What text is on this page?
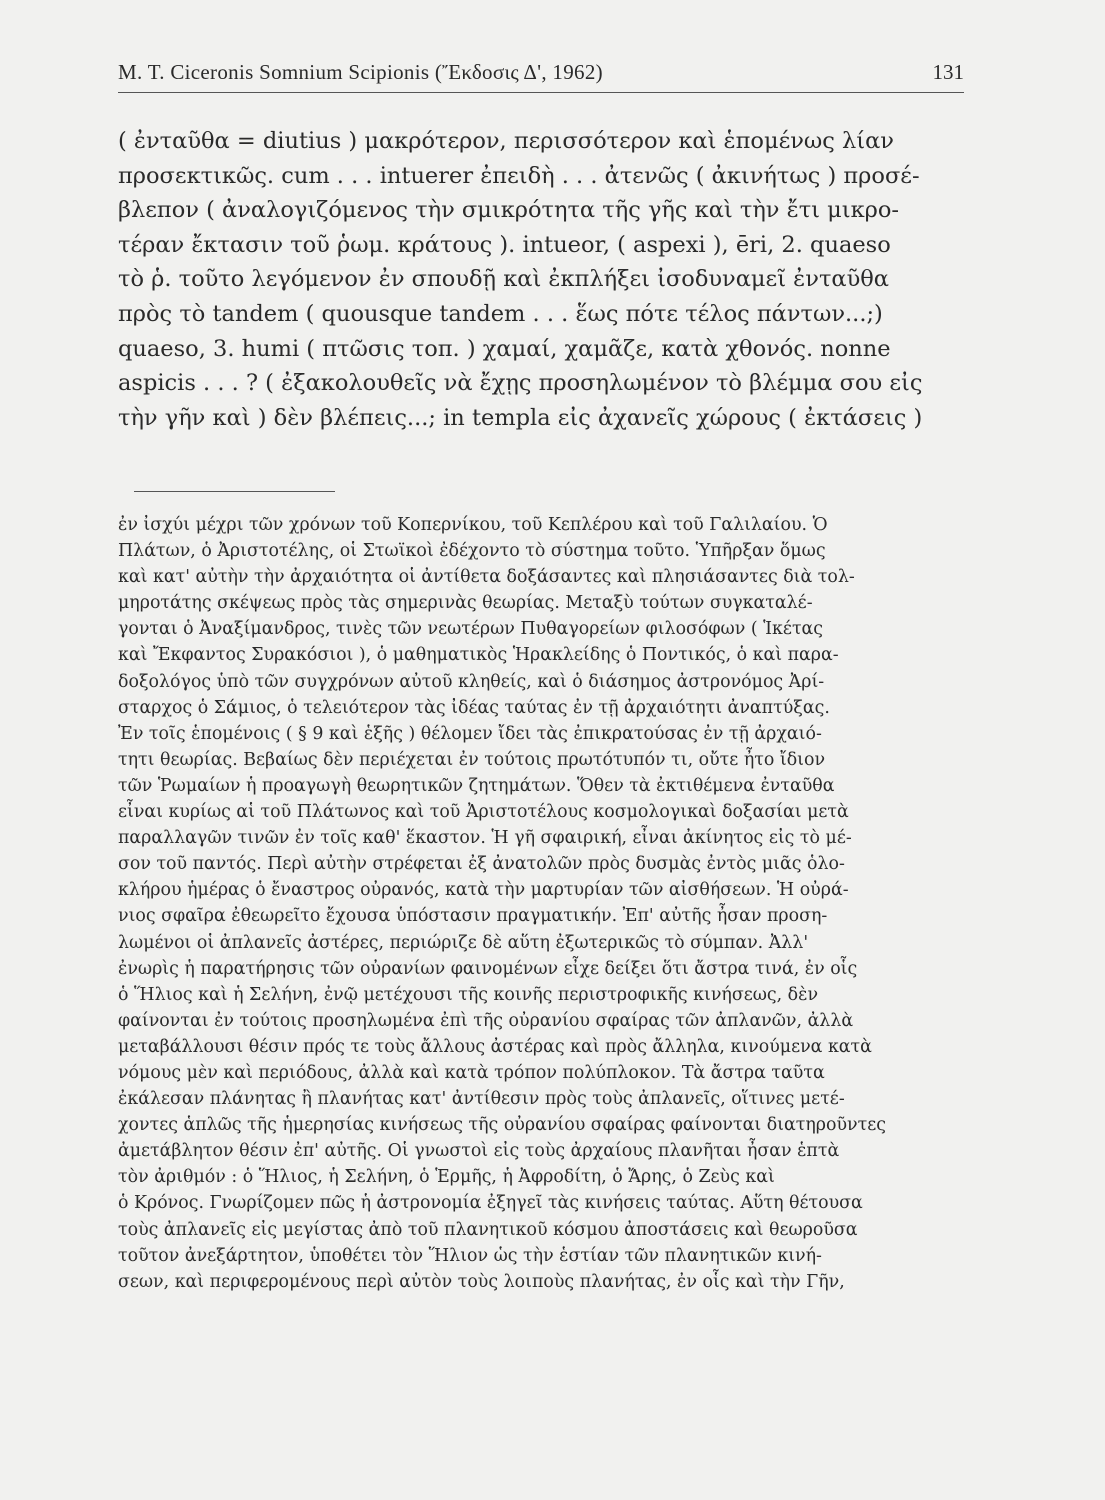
M. T. Ciceronis Somnium Scipionis (Ἔκδοσις Δ', 1962)	131
( ἐνταῦθα = diutius ) μακρότερον, περισσότερον καὶ ἑπομένως λίαν
προσεκτικῶς. cum . . . intuerer ἐπειδὴ . . . ἀτενῶς ( ἀκινήτως ) προσέ-
βλεπον ( ἀναλογιζόμενος τὴν σμικρότητα τῆς γῆς καὶ τὴν ἔτι μικρο-
τέραν ἔκτασιν τοῦ ῥωμ. κράτους ). intueor, ( aspexi ), ēri, 2. quaeso
τὸ ῥ. τοῦτο λεγόμενον ἐν σπουδῇ καὶ ἐκπλήξει ἰσοδυναμεῖ ἐνταῦθα
πρὸς τὸ tandem ( quousque tandem . . . ἕως πότε τέλος πάντων...;)
quaeso, 3. humi ( πτῶσις τοπ. ) χαμαί, χαμᾶζε, κατὰ χθονός. nonne
aspicis . . . ? ( ἐξακολουθεῖς νὰ ἔχῃς προσηλωμένον τὸ βλέμμα σου εἰς
τὴν γῆν καὶ ) δὲν βλέπεις...; in templa εἰς ἀχανεῖς χώρους ( ἐκτάσεις )
ἐν ἰσχύι μέχρι τῶν χρόνων τοῦ Κοπερνίκου, τοῦ Κεπλέρου καὶ τοῦ Γαλιλαίου. Ὁ
Πλάτων, ὁ Ἀριστοτέλης, οἱ Στωϊκοὶ ἐδέχοντο τὸ σύστημα τοῦτο. Ὑπῆρξαν ὅμως
καὶ κατ' αὐτὴν τὴν ἀρχαιότητα οἱ ἀντίθετα δοξάσαντες καὶ πλησιάσαντες διὰ τολ-
μηροτάτης σκέψεως πρὸς τὰς σημερινὰς θεωρίας. Μεταξὺ τούτων συγκαταλέ-
γονται ὁ Ἀναξίμανδρος, τινὲς τῶν νεωτέρων Πυθαγορείων φιλοσόφων ( Ἱκέτας
καὶ Ἔκφαντος Συρακόσιοι ), ὁ μαθηματικὸς Ἡρακλείδης ὁ Ποντικός, ὁ καὶ παρα-
δοξολόγος ὑπὸ τῶν συγχρόνων αὐτοῦ κληθείς, καὶ ὁ διάσημος ἀστρονόμος Ἀρί-
σταρχος ὁ Σάμιος, ὁ τελειότερον τὰς ἰδέας ταύτας ἐν τῇ ἀρχαιότητι ἀναπτύξας.
Ἐν τοῖς ἑπομένοις ( § 9 καὶ ἑξῆς ) θέλομεν ἴδει τὰς ἐπικρατούσας ἐν τῇ ἀρχαιό-
τητι θεωρίας. Βεβαίως δὲν περιέχεται ἐν τούτοις πρωτότυπόν τι, οὔτε ἦτο ἴδιον
τῶν Ῥωμαίων ἡ προαγωγὴ θεωρητικῶν ζητημάτων. Ὅθεν τὰ ἐκτιθέμενα ἐνταῦθα
εἶναι κυρίως αἱ τοῦ Πλάτωνος καὶ τοῦ Ἀριστοτέλους κοσμολογικαὶ δοξασίαι μετὰ
παραλλαγῶν τινῶν ἐν τοῖς καθ' ἕκαστον. Ἡ γῆ σφαιρική, εἶναι ἀκίνητος εἰς τὸ μέ-
σον τοῦ παντός. Περὶ αὐτὴν στρέφεται ἐξ ἀνατολῶν πρὸς δυσμὰς ἐντὸς μιᾶς ὁλο-
κλήρου ἡμέρας ὁ ἔναστρος οὐρανός, κατὰ τὴν μαρτυρίαν τῶν αἰσθήσεων. Ἡ οὐρά-
νιος σφαῖρα ἐθεωρεῖτο ἔχουσα ὑπόστασιν πραγματικήν. Ἐπ' αὐτῆς ἦσαν προση-
λωμένοι οἱ ἀπλανεῖς ἀστέρες, περιώριζε δὲ αὕτη ἐξωτερικῶς τὸ σύμπαν. Ἀλλ'
ἐνωρὶς ἡ παρατήρησις τῶν οὐρανίων φαινομένων εἶχε δείξει ὅτι ἄστρα τινά, ἐν οἷς
ὁ Ἥλιος καὶ ἡ Σελήνη, ἐνῷ μετέχουσι τῆς κοινῆς περιστροφικῆς κινήσεως, δὲν
φαίνονται ἐν τούτοις προσηλωμένα ἐπὶ τῆς οὐρανίου σφαίρας τῶν ἀπλανῶν, ἀλλὰ
μεταβάλλουσι θέσιν πρός τε τοὺς ἄλλους ἀστέρας καὶ πρὸς ἄλληλα, κινούμενα κατὰ
νόμους μὲν καὶ περιόδους, ἀλλὰ καὶ κατὰ τρόπον πολύπλοκον. Τὰ ἄστρα ταῦτα
ἐκάλεσαν πλάνητας ἢ πλανήτας κατ' ἀντίθεσιν πρὸς τοὺς ἀπλανεῖς, οἵτινες μετέ-
χοντες ἁπλῶς τῆς ἡμερησίας κινήσεως τῆς οὐρανίου σφαίρας φαίνονται διατηροῦντες
ἀμετάβλητον θέσιν ἐπ' αὐτῆς. Οἱ γνωστοὶ εἰς τοὺς ἀρχαίους πλανῆται ἦσαν ἑπτὰ
τὸν ἀριθμόν : ὁ Ἥλιος, ἡ Σελήνη, ὁ Ἑρμῆς, ἡ Ἀφροδίτη, ὁ Ἄρης, ὁ Ζεὺς καὶ
ὁ Κρόνος. Γνωρίζομεν πῶς ἡ ἀστρονομία ἐξηγεῖ τὰς κινήσεις ταύτας. Αὕτη θέτουσα
τοὺς ἀπλανεῖς εἰς μεγίστας ἀπὸ τοῦ πλανητικοῦ κόσμου ἀποστάσεις καὶ θεωροῦσα
τοῦτον ἀνεξάρτητον, ὑποθέτει τὸν Ἥλιον ὡς τὴν ἑστίαν τῶν πλανητικῶν κινή-
σεων, καὶ περιφερομένους περὶ αὐτὸν τοὺς λοιποὺς πλανήτας, ἐν οἷς καὶ τὴν Γῆν,
